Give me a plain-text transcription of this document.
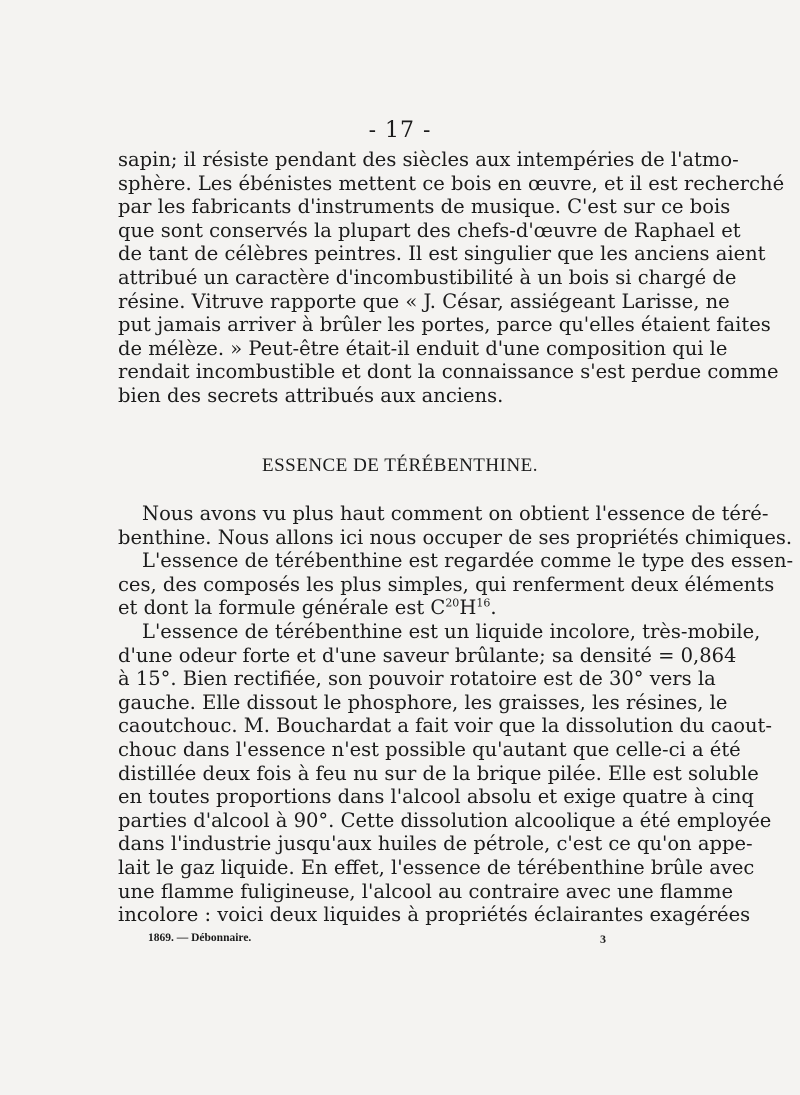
- 17 -
sapin; il résiste pendant des siècles aux intempéries de l'atmo-
sphère. Les ébénistes mettent ce bois en œuvre, et il est recherché
par les fabricants d'instruments de musique. C'est sur ce bois
que sont conservés la plupart des chefs-d'œuvre de Raphael et
de tant de célèbres peintres. Il est singulier que les anciens aient
attribué un caractère d'incombustibilité à un bois si chargé de
résine. Vitruve rapporte que « J. César, assiégeant Larisse, ne
put jamais arriver à brûler les portes, parce qu'elles étaient faites
de mélèze. » Peut-être était-il enduit d'une composition qui le
rendait incombustible et dont la connaissance s'est perdue comme
bien des secrets attribués aux anciens.
ESSENCE DE TÉRÉBENTHINE.
Nous avons vu plus haut comment on obtient l'essence de téré-
benthine. Nous allons ici nous occuper de ses propriétés chimiques.
L'essence de térébenthine est regardée comme le type des essen-
ces, des composés les plus simples, qui renferment deux éléments
et dont la formule générale est $C^{20}H^{16}$.
L'essence de térébenthine est un liquide incolore, très-mobile,
d'une odeur forte et d'une saveur brûlante; sa densité = 0,864
à 15°. Bien rectifiée, son pouvoir rotatoire est de 30° vers la
gauche. Elle dissout le phosphore, les graisses, les résines, le
caoutchouc. M. Bouchardat a fait voir que la dissolution du caout-
chouc dans l'essence n'est possible qu'autant que celle-ci a été
distillée deux fois à feu nu sur de la brique pilée. Elle est soluble
en toutes proportions dans l'alcool absolu et exige quatre à cinq
parties d'alcool à 90°. Cette dissolution alcoolique a été employée
dans l'industrie jusqu'aux huiles de pétrole, c'est ce qu'on appe-
lait le gaz liquide. En effet, l'essence de térébenthine brûle avec
une flamme fuligineuse, l'alcool au contraire avec une flamme
incolore : voici deux liquides à propriétés éclairantes exagérées
1869. — Débonnaire.	3
